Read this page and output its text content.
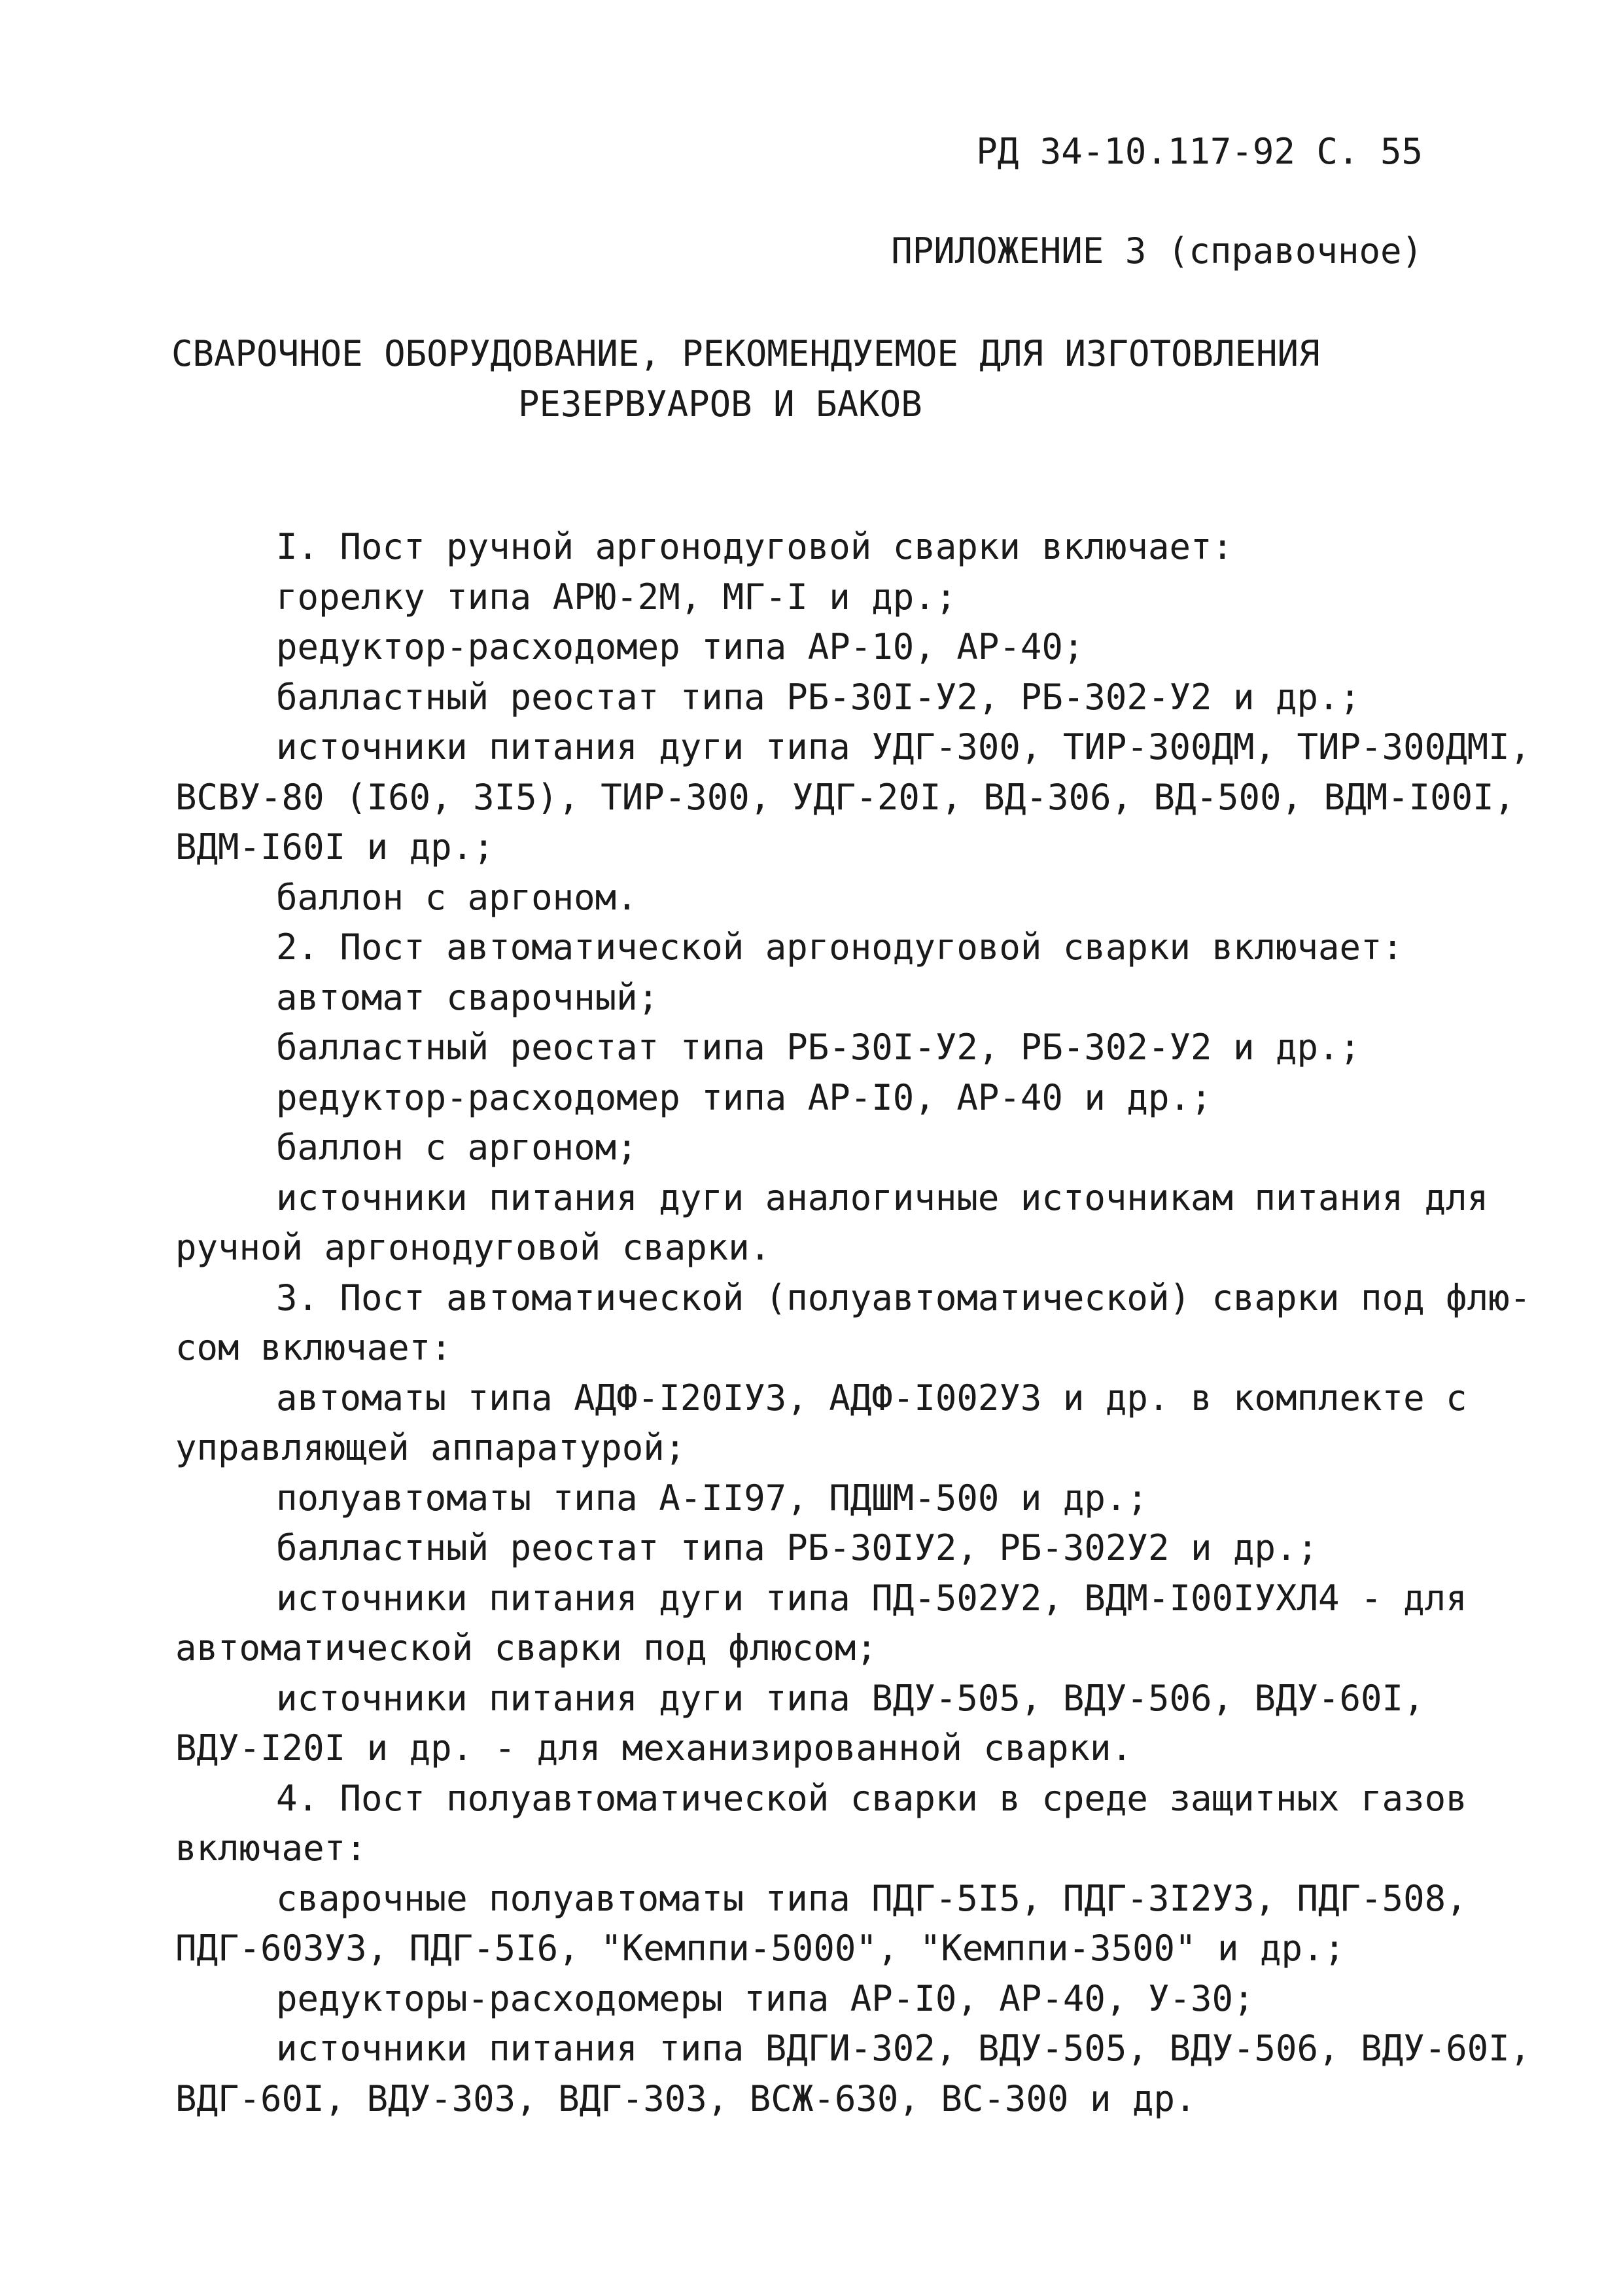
РД 34-10.117-92 С. 55
ПРИЛОЖЕНИЕ 3 (справочное)
СВАРОЧНОЕ ОБОРУДОВАНИЕ, РЕКОМЕНДУЕМОЕ ДЛЯ ИЗГОТОВЛЕНИЯ
РЕЗЕРВУАРОВ И БАКОВ
I. Пост ручной аргонодуговой сварки включает:
горелку типа АРЮ-2М, МГ-I и др.;
редуктор-расходомер типа АР-10, АР-40;
балластный реостат типа РБ-30I-У2, РБ-302-У2 и др.;
источники питания дуги типа УДГ-300, ТИР-300ДМ, ТИР-300ДМI,
ВСВУ-80 (I60, 3I5), ТИР-300, УДГ-20I, ВД-306, ВД-500, ВДМ-I00I,
ВДМ-I60I и др.;
баллон с аргоном.
2. Пост автоматической аргонодуговой сварки включает:
автомат сварочный;
балластный реостат типа РБ-30I-У2, РБ-302-У2 и др.;
редуктор-расходомер типа АР-I0, АР-40 и др.;
баллон с аргоном;
источники питания дуги аналогичные источникам питания для
ручной аргонодуговой сварки.
3. Пост автоматической (полуавтоматической) сварки под флю-
сом включает:
автоматы типа АДФ-I20IУЗ, АДФ-I002УЗ и др. в комплекте с
управляющей аппаратурой;
полуавтоматы типа А-II97, ПДШМ-500 и др.;
балластный реостат типа РБ-30IУ2, РБ-302У2 и др.;
источники питания дуги типа ПД-502У2, ВДМ-I00IУХЛ4 - для
автоматической сварки под флюсом;
источники питания дуги типа ВДУ-505, ВДУ-506, ВДУ-60I,
ВДУ-I20I и др. - для механизированной сварки.
4. Пост полуавтоматической сварки в среде защитных газов
включает:
сварочные полуавтоматы типа ПДГ-5I5, ПДГ-3I2УЗ, ПДГ-508,
ПДГ-603УЗ, ПДГ-5I6, "Кемппи-5000", "Кемппи-3500" и др.;
редукторы-расходомеры типа АР-I0, АР-40, У-30;
источники питания типа ВДГИ-302, ВДУ-505, ВДУ-506, ВДУ-60I,
ВДГ-60I, ВДУ-303, ВДГ-303, ВСЖ-630, ВС-300 и др.
